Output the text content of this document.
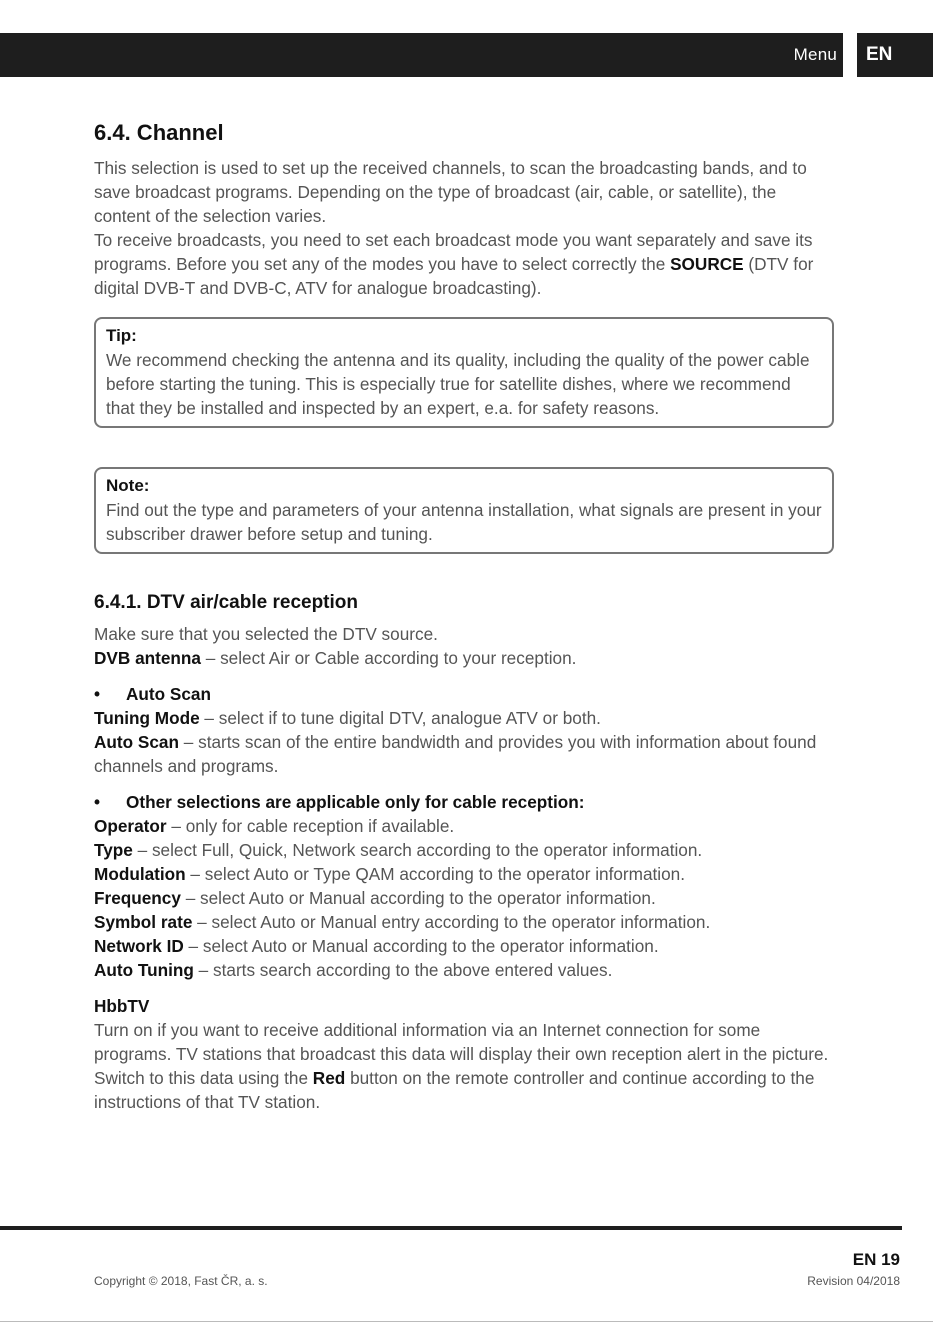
Menu EN
6.4. Channel

This selection is used to set up the received channels, to scan the broadcasting bands, and to save broadcast programs. Depending on the type of broadcast (air, cable, or satellite), the content of the selection varies.

To receive broadcasts, you need to set each broadcast mode you want separately and save its programs. Before you set any of the modes you have to select correctly the SOURCE (DTV for digital DVB-T and DVB-C, ATV for analogue broadcasting).

Tip:

We recommend checking the antenna and its quality, including the quality of the power cable before starting the tuning. This is especially true for satellite dishes, where we recommend that they be installed and inspected by an expert, e.a. for safety reasons.

Note:

Find out the type and parameters of your antenna installation, what signals are present in your subscriber drawer before setup and tuning.

6.4.1. DTV air/cable reception

Make sure that you selected the DTV source.

DVB antenna – select Air or Cable according to your reception.

• Auto Scan

Tuning Mode – select if to tune digital DTV, analogue ATV or both.

Auto Scan – starts scan of the entire bandwidth and provides you with information about found channels and programs.

• Other selections are applicable only for cable reception:

Operator – only for cable reception if available.

Type – select Full, Quick, Network search according to the operator information.

Modulation – select Auto or Type QAM according to the operator information.

Frequency – select Auto or Manual according to the operator information.

Symbol rate – select Auto or Manual entry according to the operator information.

Network ID – select Auto or Manual according to the operator information.

Auto Tuning – starts search according to the above entered values.

HbbTV

Turn on if you want to receive additional information via an Internet connection for some programs. TV stations that broadcast this data will display their own reception alert in the picture. Switch to this data using the Red button on the remote controller and continue according to the instructions of that TV station.

EN 19
Copyright © 2018, Fast ČR, a. s.	Revision 04/2018
